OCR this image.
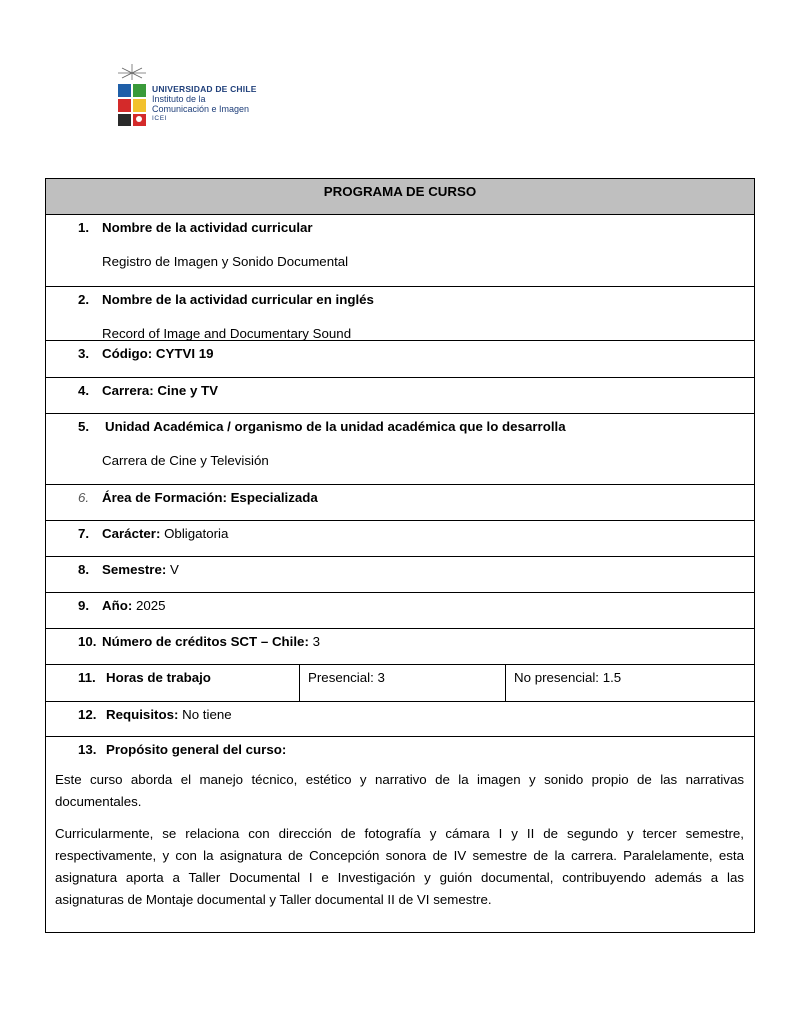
UNIVERSIDAD DE CHILE
Instituto de la
Comunicación e Imagen
ICEI
PROGRAMA DE CURSO
1. Nombre de la actividad curricular
Registro de Imagen y Sonido Documental
2. Nombre de la actividad curricular en inglés
Record of Image and Documentary Sound
3. Código: CYTVI 19
4. Carrera: Cine y TV
5.	Unidad Académica / organismo de la unidad académica que lo desarrolla
Carrera de Cine y Televisión
6. Área de Formación: Especializada
7. Carácter:
Obligatoria
8. Semestre:
V
9. Año:
2025
10. Número de créditos SCT – Chile:
3
11. Horas de trabajo	Presencial: 3	No presencial: 1.5
12. Requisitos:
No tiene
13. Propósito general del curso:

Este curso aborda el manejo técnico, estético y narrativo de la imagen y sonido propio de las narrativas documentales.

Curricularmente, se relaciona con dirección de fotografía y cámara I y II de segundo y tercer semestre, respectivamente, y con la asignatura de Concepción sonora de IV semestre de la carrera. Paralelamente, esta asignatura aporta a Taller Documental I e Investigación y guión documental, contribuyendo además a las asignaturas de Montaje documental y Taller documental II de VI semestre.
